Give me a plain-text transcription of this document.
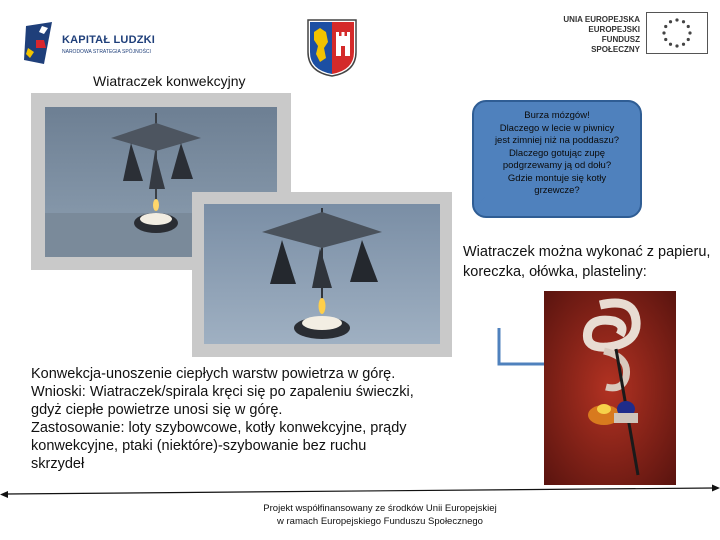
KAPITAŁ LUDZKI
NARODOWA STRATEGIA SPÓJNOŚCI
UNIA EUROPEJSKA
EUROPEJSKI
FUNDUSZ SPOŁECZNY
Wiatraczek konwekcyjny
Burza mózgów!
Dlaczego w lecie w piwnicy
jest zimniej niż na poddaszu?
Dlaczego gotując zupę
podgrzewamy ją od dołu?
Gdzie montuje się kotły
grzewcze?
Wiatraczek można wykonać z papieru, koreczka, ołówka, plasteliny:
Konwekcja-unoszenie ciepłych warstw powietrza w górę.
Wnioski: Wiatraczek/spirala kręci się po zapaleniu świeczki,
gdyż ciepłe powietrze unosi się w górę.
Zastosowanie: loty szybowcowe, kotły konwekcyjne, prądy
konwekcyjne, ptaki (niektóre)-szybowanie bez ruchu
skrzydeł
Projekt współfinansowany ze środków Unii Europejskiej
w ramach Europejskiego Funduszu Społecznego
